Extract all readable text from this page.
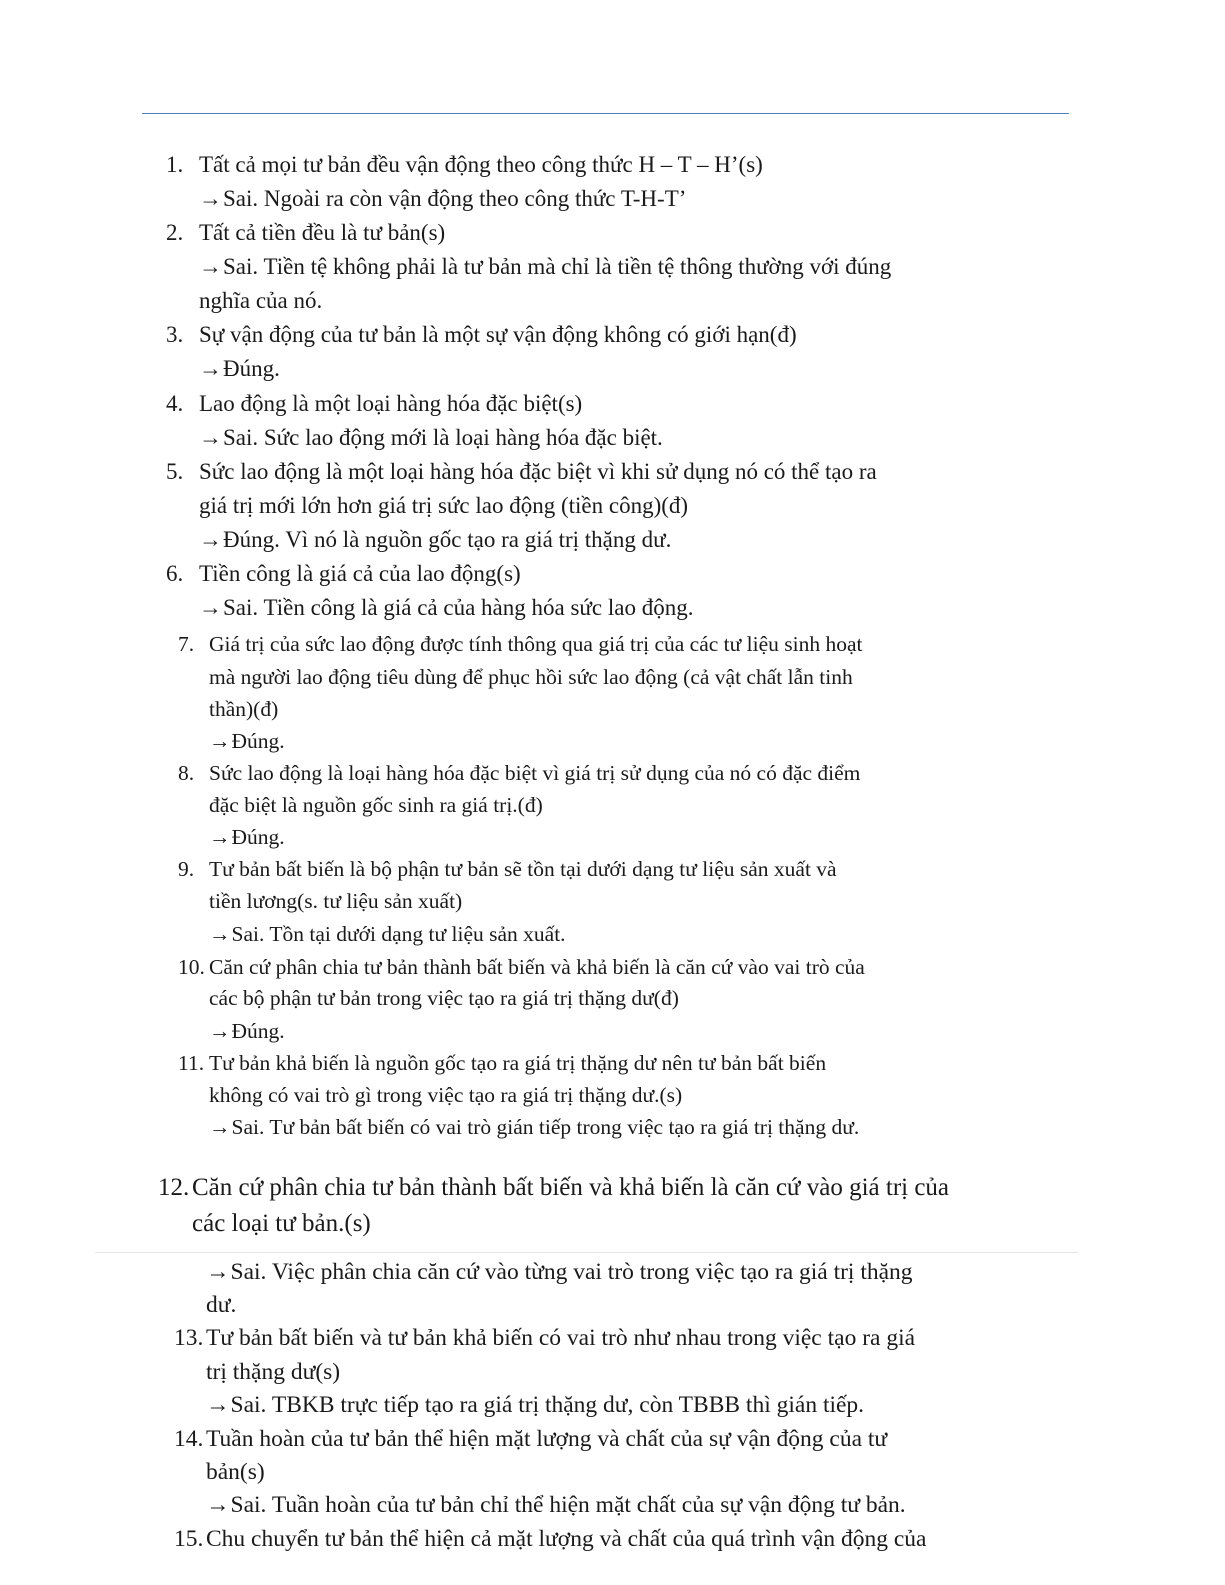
1. Tất cả mọi tư bản đều vận động theo công thức H – T – H’(s)

→Sai. Ngoài ra còn vận động theo công thức T-H-T’

2. Tất cả tiền đều là tư bản(s)

→Sai. Tiền tệ không phải là tư bản mà chỉ là tiền tệ thông thường với đúng

nghĩa của nó.

3. Sự vận động của tư bản là một sự vận động không có giới hạn(đ)

→Đúng.

4. Lao động là một loại hàng hóa đặc biệt(s)

→Sai. Sức lao động mới là loại hàng hóa đặc biệt.

5. Sức lao động là một loại hàng hóa đặc biệt vì khi sử dụng nó có thể tạo ra

giá trị mới lớn hơn giá trị sức lao động (tiền công)(đ)

→Đúng. Vì nó là nguồn gốc tạo ra giá trị thặng dư.

6. Tiền công là giá cả của lao động(s)

→Sai. Tiền công là giá cả của hàng hóa sức lao động.

7. Giá trị của sức lao động được tính thông qua giá trị của các tư liệu sinh hoạt

mà người lao động tiêu dùng để phục hồi sức lao động (cả vật chất lẫn tinh

thần)(đ)

→Đúng.

8. Sức lao động là loại hàng hóa đặc biệt vì giá trị sử dụng của nó có đặc điểm

đặc biệt là nguồn gốc sinh ra giá trị.(đ)

→Đúng.

9. Tư bản bất biến là bộ phận tư bản sẽ tồn tại dưới dạng tư liệu sản xuất và

tiền lương(s. tư liệu sản xuất)

→Sai. Tồn tại dưới dạng tư liệu sản xuất.

10. Căn cứ phân chia tư bản thành bất biến và khả biến là căn cứ vào vai trò của

các bộ phận tư bản trong việc tạo ra giá trị thặng dư(đ)

→Đúng.

11. Tư bản khả biến là nguồn gốc tạo ra giá trị thặng dư nên tư bản bất biến

không có vai trò gì trong việc tạo ra giá trị thặng dư.(s)

→Sai. Tư bản bất biến có vai trò gián tiếp trong việc tạo ra giá trị thặng dư.

12. Căn cứ phân chia tư bản thành bất biến và khả biến là căn cứ vào giá trị của

các loại tư bản.(s)

→Sai. Việc phân chia căn cứ vào từng vai trò trong việc tạo ra giá trị thặng

dư.

13. Tư bản bất biến và tư bản khả biến có vai trò như nhau trong việc tạo ra giá

trị thặng dư(s)

→Sai. TBKB trực tiếp tạo ra giá trị thặng dư, còn TBBB thì gián tiếp.

14. Tuần hoàn của tư bản thể hiện mặt lượng và chất của sự vận động của tư

bản(s)

→Sai. Tuần hoàn của tư bản chỉ thể hiện mặt chất của sự vận động tư bản.

15. Chu chuyển tư bản thể hiện cả mặt lượng và chất của quá trình vận động của
